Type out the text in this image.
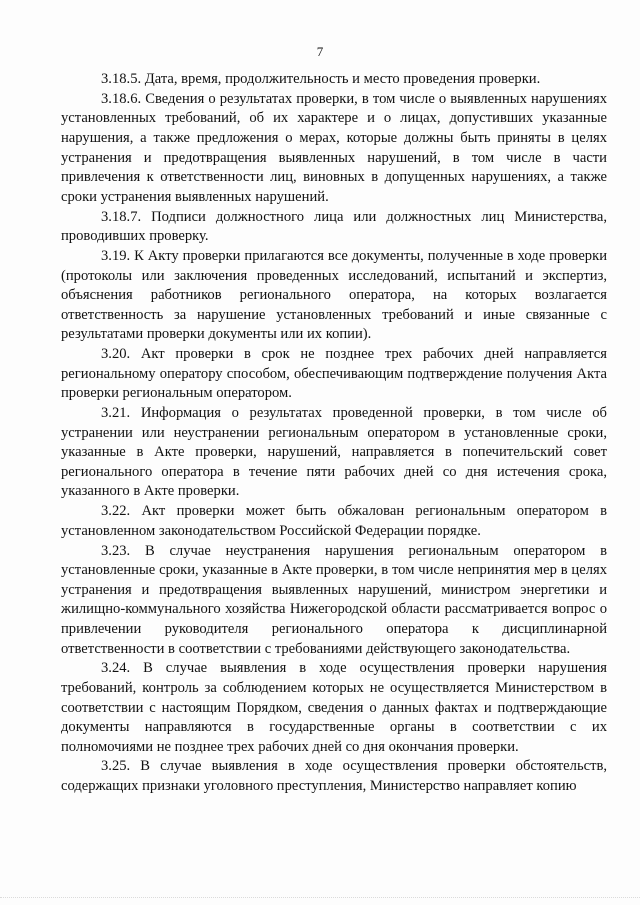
7

3.18.5. Дата, время, продолжительность и место проведения проверки.

3.18.6. Сведения о результатах проверки, в том числе о выявленных нарушениях установленных требований, об их характере и о лицах, допустивших указанные нарушения, а также предложения о мерах, которые должны быть приняты в целях устранения и предотвращения выявленных нарушений, в том числе в части привлечения к ответственности лиц, виновных в допущенных нарушениях, а также сроки устранения выявленных нарушений.

3.18.7. Подписи должностного лица или должностных лиц Министерства, проводивших проверку.

3.19. К Акту проверки прилагаются все документы, полученные в ходе проверки (протоколы или заключения проведенных исследований, испытаний и экспертиз, объяснения работников регионального оператора, на которых возлагается ответственность за нарушение установленных требований и иные связанные с результатами проверки документы или их копии).

3.20. Акт проверки в срок не позднее трех рабочих дней направляется региональному оператору способом, обеспечивающим подтверждение получения Акта проверки региональным оператором.

3.21. Информация о результатах проведенной проверки, в том числе об устранении или неустранении региональным оператором в установленные сроки, указанные в Акте проверки, нарушений, направляется в попечительский совет регионального оператора в течение пяти рабочих дней со дня истечения срока, указанного в Акте проверки.

3.22. Акт проверки может быть обжалован региональным оператором в установленном законодательством Российской Федерации порядке.

3.23. В случае неустранения нарушения региональным оператором в установленные сроки, указанные в Акте проверки, в том числе непринятия мер в целях устранения и предотвращения выявленных нарушений, министром энергетики и жилищно-коммунального хозяйства Нижегородской области рассматривается вопрос о привлечении руководителя регионального оператора к дисциплинарной ответственности в соответствии с требованиями действующего законодательства.

3.24. В случае выявления в ходе осуществления проверки нарушения требований, контроль за соблюдением которых не осуществляется Министерством в соответствии с настоящим Порядком, сведения о данных фактах и подтверждающие документы направляются в государственные органы в соответствии с их полномочиями не позднее трех рабочих дней со дня окончания проверки.

3.25. В случае выявления в ходе осуществления проверки обстоятельств, содержащих признаки уголовного преступления, Министерство направляет копию
